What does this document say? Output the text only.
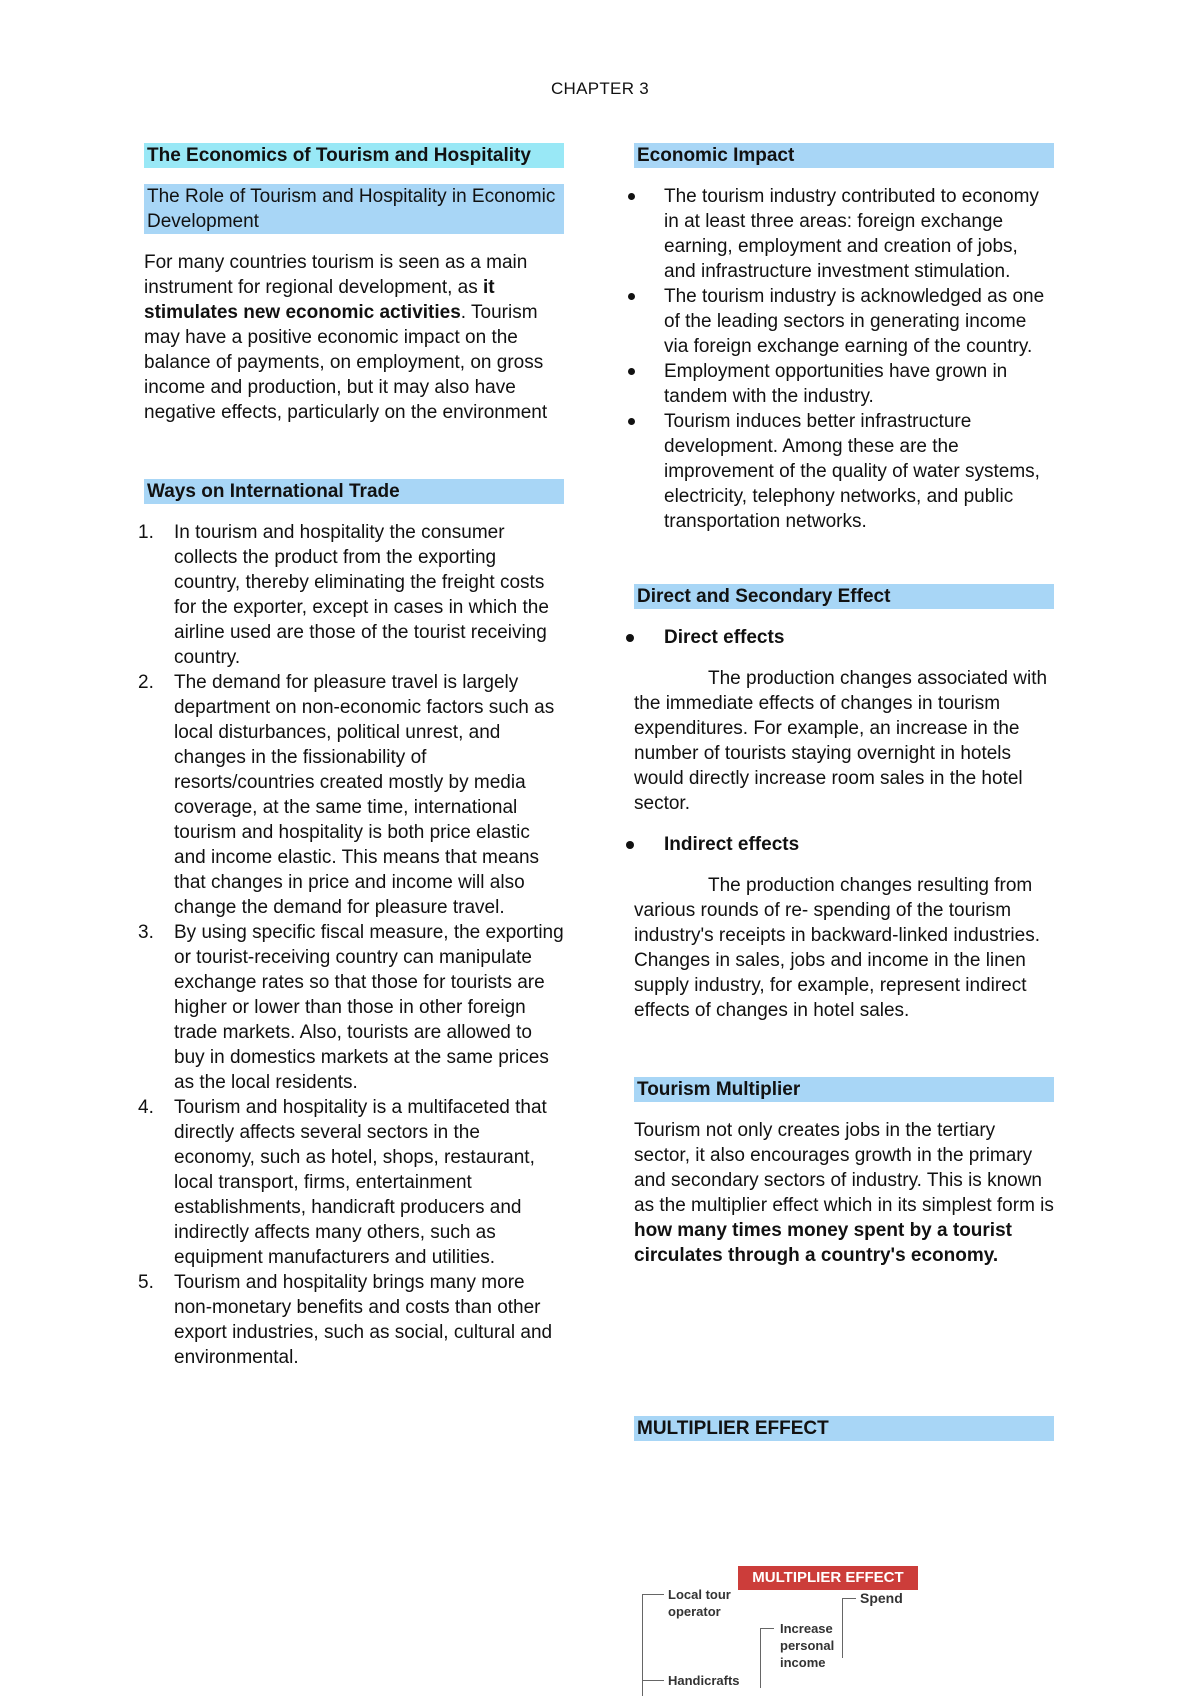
CHAPTER 3
The Economics of Tourism and Hospitality
The Role of Tourism and Hospitality in Economic Development

For many countries tourism is seen as a main instrument for regional development, as it stimulates new economic activities. Tourism may have a positive economic impact on the balance of payments, on employment, on gross income and production, but it may also have negative effects, particularly on the environment

Ways on International Trade
1.	In tourism and hospitality the consumer collects the product from the exporting country, thereby eliminating the freight costs for the exporter, except in cases in which the airline used are those of the tourist receiving country.
2.	The demand for pleasure travel is largely department on non-economic factors such as local disturbances, political unrest, and changes in the fissionability of resorts/countries created mostly by media coverage, at the same time, international tourism and hospitality is both price elastic and income elastic. This means that means that changes in price and income will also change the demand for pleasure travel.
3.	By using specific fiscal measure, the exporting or tourist-receiving country can manipulate exchange rates so that those for tourists are higher or lower than those in other foreign trade markets. Also, tourists are allowed to buy in domestics markets at the same prices as the local residents.
4.	Tourism and hospitality is a multifaceted that directly affects several sectors in the economy, such as hotel, shops, restaurant, local transport, firms, entertainment establishments, handicraft producers and indirectly affects many others, such as equipment manufacturers and utilities.
5.	Tourism and hospitality brings many more non-monetary benefits and costs than other export industries, such as social, cultural and environmental.
Economic Impact
The tourism industry contributed to economy in at least three areas: foreign exchange earning, employment and creation of jobs, and infrastructure investment stimulation.
The tourism industry is acknowledged as one of the leading sectors in generating income via foreign exchange earning of the country.
Employment opportunities have grown in tandem with the industry.
Tourism induces better infrastructure development. Among these are the improvement of the quality of water systems, electricity, telephony networks, and public transportation networks.
Direct and Secondary Effect
Direct effects

The production changes associated with the immediate effects of changes in tourism expenditures. For example, an increase in the number of tourists staying overnight in hotels would directly increase room sales in the hotel sector.

Indirect effects

The production changes resulting from various rounds of re- spending of the tourism industry's receipts in backward-linked industries. Changes in sales, jobs and income in the linen supply industry, for example, represent indirect effects of changes in hotel sales.

Tourism Multiplier

Tourism not only creates jobs in the tertiary sector, it also encourages growth in the primary and secondary sectors of industry. This is known as the multiplier effect which in its simplest form is how many times money spent by a tourist circulates through a country's economy.

MULTIPLIER EFFECT
MULTIPLIER EFFECT
Local tour operator
Handicrafts
Spend
Increase personal income
